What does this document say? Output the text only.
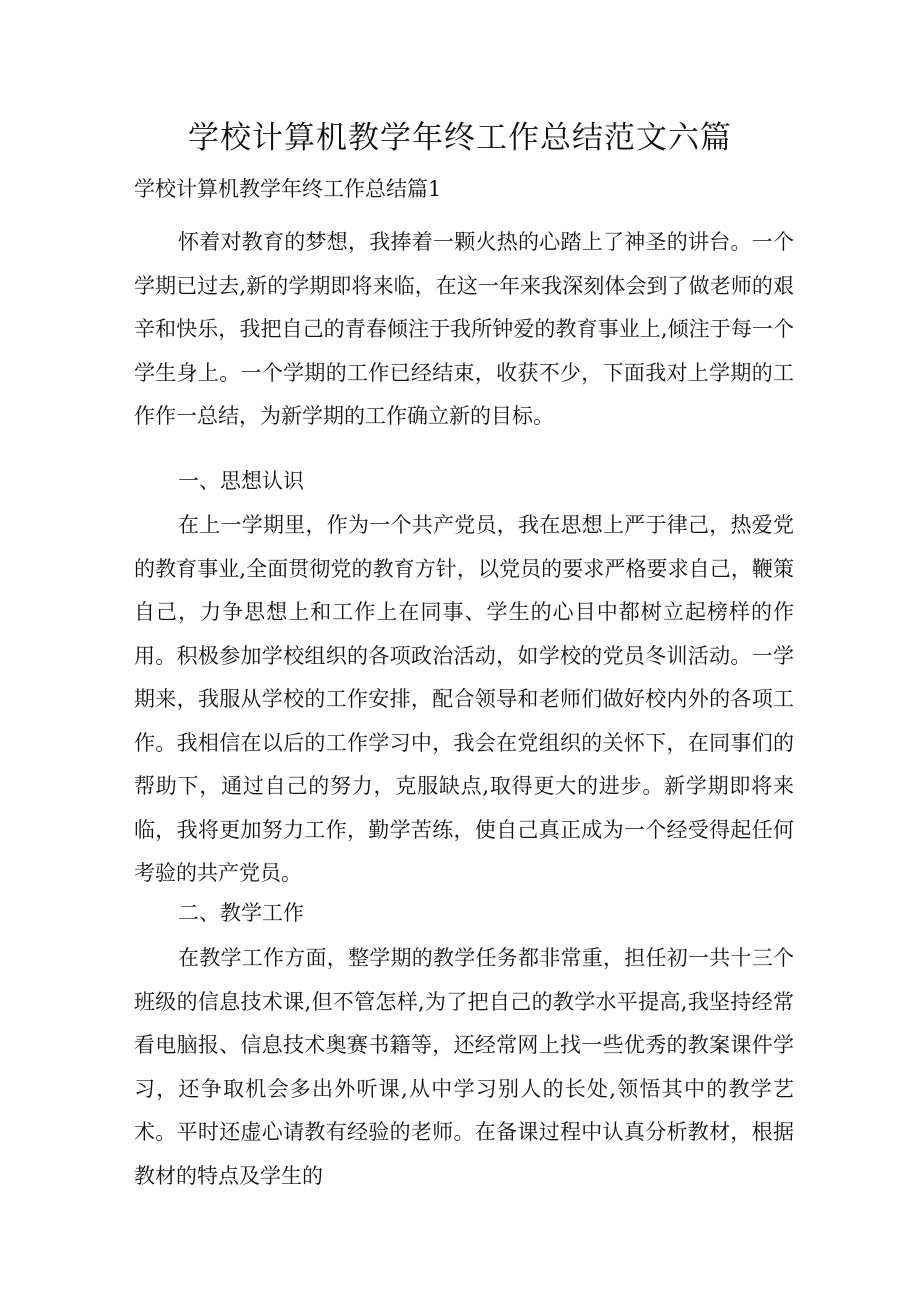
学校计算机教学年终工作总结范文六篇
学校计算机教学年终工作总结篇1

怀着对教育的梦想，我捧着一颗火热的心踏上了神圣的讲台。一个学期已过去,新的学期即将来临，在这一年来我深刻体会到了做老师的艰辛和快乐，我把自己的青春倾注于我所钟爱的教育事业上,倾注于每一个学生身上。一个学期的工作已经结束，收获不少，下面我对上学期的工作作一总结，为新学期的工作确立新的目标。

一、思想认识

在上一学期里，作为一个共产党员，我在思想上严于律己，热爱党的教育事业,全面贯彻党的教育方针，以党员的要求严格要求自己，鞭策自己，力争思想上和工作上在同事、学生的心目中都树立起榜样的作用。积极参加学校组织的各项政治活动，如学校的党员冬训活动。一学期来，我服从学校的工作安排，配合领导和老师们做好校内外的各项工作。我相信在以后的工作学习中，我会在党组织的关怀下，在同事们的帮助下，通过自己的努力，克服缺点,取得更大的进步。新学期即将来临，我将更加努力工作，勤学苦练，使自己真正成为一个经受得起任何考验的共产党员。

二、教学工作

在教学工作方面，整学期的教学任务都非常重，担任初一共十三个班级的信息技术课,但不管怎样,为了把自己的教学水平提高,我坚持经常看电脑报、信息技术奥赛书籍等，还经常网上找一些优秀的教案课件学习，还争取机会多出外听课,从中学习别人的长处,领悟其中的教学艺术。平时还虚心请教有经验的老师。在备课过程中认真分析教材，根据教材的特点及学生的
